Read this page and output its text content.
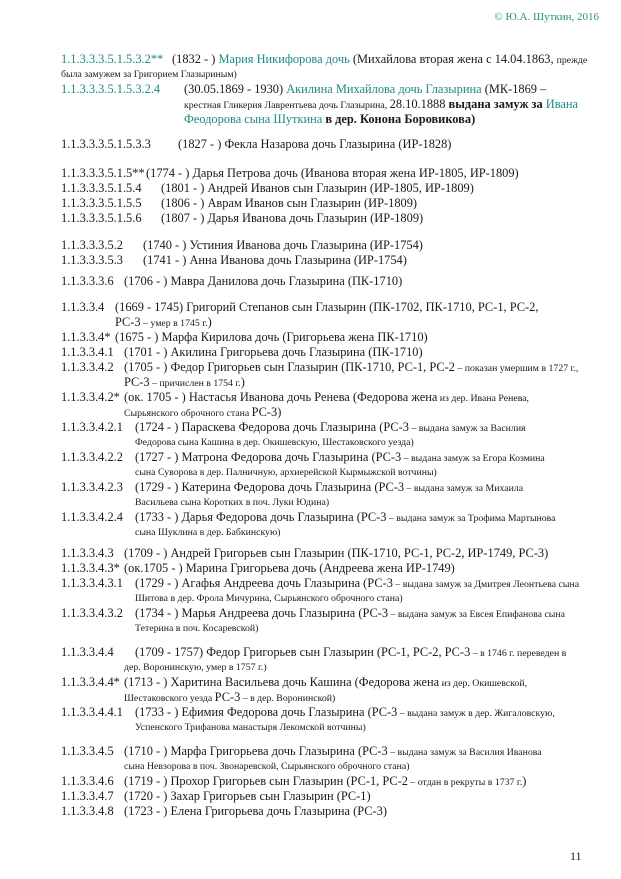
© Ю.А. Шуткин, 2016
1.1.3.3.3.5.1.5.3.2** (1832 - ) Мария Никифорова дочь (Михайлова вторая жена с 14.04.1863, прежде
была замужем за Григорием Глазыриным)
1.1.3.3.3.5.1.5.3.2.4 (30.05.1869 - 1930) Акилина Михайлова дочь Глазырина (МК-1869 –
крестная Гликерия Лаврентьева дочь Глазырина, 28.10.1888 выдана замуж за Ивана
Феодорова сына Шуткина в дер. Конона Боровикова)
1.1.3.3.3.5.1.5.3.3 (1827 - ) Фекла Назарова дочь Глазырина (ИР-1828)
1.1.3.3.3.5.1.5**(1774 - ) Дарья Петрова дочь (Иванова вторая жена ИР-1805, ИР-1809)
1.1.3.3.3.5.1.5.4 (1801 - ) Андрей Иванов сын Глазырин (ИР-1805, ИР-1809)
1.1.3.3.3.5.1.5.5 (1806 - ) Аврам Иванов сын Глазырин (ИР-1809)
1.1.3.3.3.5.1.5.6 (1807 - ) Дарья Иванова дочь Глазырин (ИР-1809)
1.1.3.3.3.5.2 (1740 - ) Устиния Иванова дочь Глазырина (ИР-1754)
1.1.3.3.3.5.3 (1741 - ) Анна Иванова дочь Глазырина (ИР-1754)
1.1.3.3.3.6 (1706 - ) Мавра Данилова дочь Глазырина (ПК-1710)
1.1.3.3.4 (1669 - 1745) Григорий Степанов сын Глазырин (ПК-1702, ПК-1710, РС-1, РС-2,
РС-3 – умер в 1745 г.)
1.1.3.3.4* (1675 - ) Марфа Кирилова дочь (Григорьева жена ПК-1710)
1.1.3.3.4.1 (1701 - ) Акилина Григорьева дочь Глазырина (ПК-1710)
1.1.3.3.4.2 (1705 - ) Федор Григорьев сын Глазырин (ПК-1710, РС-1, РС-2 – показан умершим в 1727 г.,
РС-3 – причислен в 1754 г.)
1.1.3.3.4.2* (ок. 1705 - ) Настасья Иванова дочь Ренева (Федорова жена из дер. Ивана Ренева,
Сырьянского оброчного стана РС-3)
1.1.3.3.4.2.1 (1724 - ) Параскева Федорова дочь Глазырина (РС-3 – выдана замуж за Василия
Федорова сына Кашина в дер. Окишевскую, Шестаковского уезда)
1.1.3.3.4.2.2 (1727 - ) Матрона Федорова дочь Глазырина (РС-3 – выдана замуж за Егора Козмина
сына Суворова в дер. Палничную, архиерейской Кырмыжской вотчины)
1.1.3.3.4.2.3 (1729 - ) Катерина Федорова дочь Глазырина (РС-3 – выдана замуж за Михаила
Васильева сына Коротких в поч. Луки Юдина)
1.1.3.3.4.2.4 (1733 - ) Дарья Федорова дочь Глазырина (РС-3 – выдана замуж за Трофима Мартынова
сына Шуклина в дер. Бабкинскую)
1.1.3.3.4.3 (1709 - ) Андрей Григорьев сын Глазырин (ПК-1710, РС-1, РС-2, ИР-1749, РС-3)
1.1.3.3.4.3* (ок.1705 - ) Марина Григорьева дочь (Андреева жена ИР-1749)
1.1.3.3.4.3.1 (1729 - ) Агафья Андреева дочь Глазырина (РС-3 – выдана замуж за Дмитрея Леонтьева сына
Шитова в дер. Фрола Мичурина, Сырьянского оброчного стана)
1.1.3.3.4.3.2 (1734 - ) Марья Андреева дочь Глазырина (РС-3 – выдана замуж за Евсея Епифанова сына
Тетерина в поч. Косаревской)
1.1.3.3.4.4 (1709 - 1757) Федор Григорьев сын Глазырин (РС-1, РС-2, РС-3 – в 1746 г. переведен в
дер. Воронинскую, умер в 1757 г.)
1.1.3.3.4.4* (1713 - ) Харитина Васильева дочь Кашина (Федорова жена из дер. Окишевской,
Шестаковского уезда РС-3 – в дер. Воронинской)
1.1.3.3.4.4.1 (1733 - ) Ефимия Федорова дочь Глазырина (РС-3 – выдана замуж в дер. Жигаловскую,
Успенского Трифанова манастыря Лекомской вотчины)
1.1.3.3.4.5 (1710 - ) Марфа Григорьева дочь Глазырина (РС-3 – выдана замуж за Василия Иванова
сына Невзорова в поч. Звонаревской, Сырьянского оброчного стана)
1.1.3.3.4.6 (1719 - ) Прохор Григорьев сын Глазырин (РС-1, РС-2 – отдан в рекруты в 1737 г.)
1.1.3.3.4.7 (1720 - ) Захар Григорьев сын Глазырин (РС-1)
1.1.3.3.4.8 (1723 - ) Елена Григорьева дочь Глазырина (РС-3)
11
